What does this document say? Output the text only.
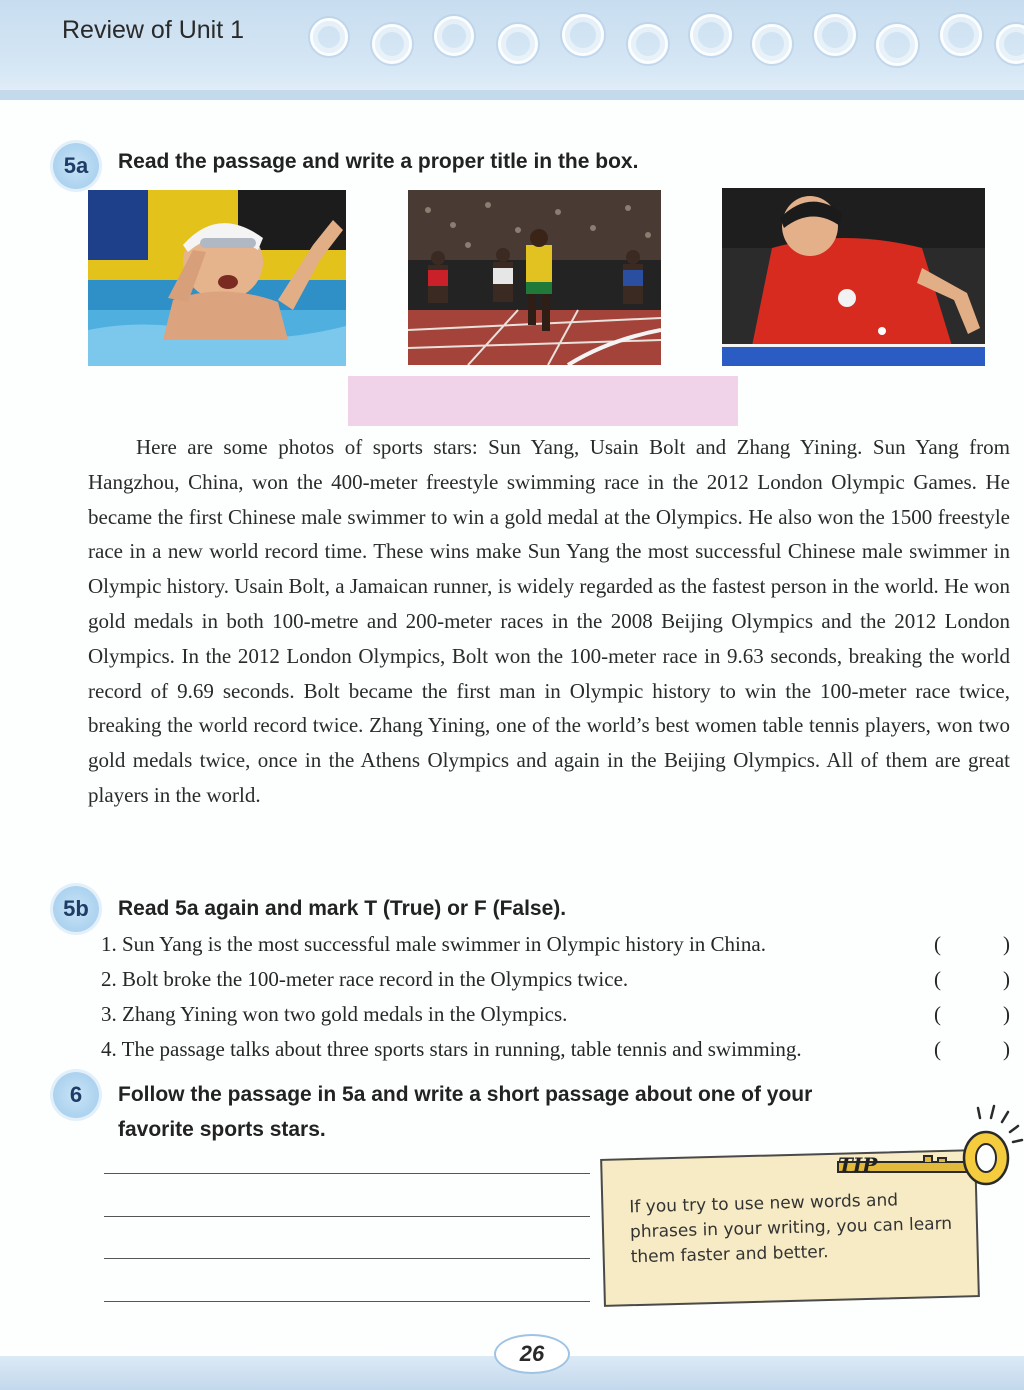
Review of Unit 1
5a	Read the passage and write a proper title in the box.

Here are some photos of sports stars: Sun Yang, Usain Bolt and Zhang Yining. Sun Yang from Hangzhou, China, won the 400-meter freestyle swimming race in the 2012 London Olympic Games. He became the first Chinese male swimmer to win a gold medal at the Olympics. He also won the 1500 freestyle race in a new world record time. These wins make Sun Yang the most successful Chinese male swimmer in Olympic history. Usain Bolt, a Jamaican runner, is widely regarded as the fastest person in the world. He won gold medals in both 100-metre and 200-meter races in the 2008 Beijing Olympics and the 2012 London Olympics. In the 2012 London Olympics, Bolt won the 100-meter race in 9.63 seconds, breaking the world record of 9.69 seconds. Bolt became the first man in Olympic history to win the 100-meter race twice, breaking the world record twice. Zhang Yining, one of the world’s best women table tennis players, won two gold medals twice, once in the Athens Olympics and again in the Beijing Olympics. All of them are great players in the world.

5b	Read 5a again and mark T (True) or F (False).
1. Sun Yang is the most successful male swimmer in Olympic history in China.	(	)
2. Bolt broke the 100-meter race record in the Olympics twice.	(	)
3. Zhang Yining won two gold medals in the Olympics.	(	)
4. The passage talks about three sports stars in running, table tennis and swimming.	(	)
6	Follow the passage in 5a and write a short passage about one of your
favorite sports stars.
TIP
If you try to use new words and phrases in your writing, you can learn them faster and better.
26
